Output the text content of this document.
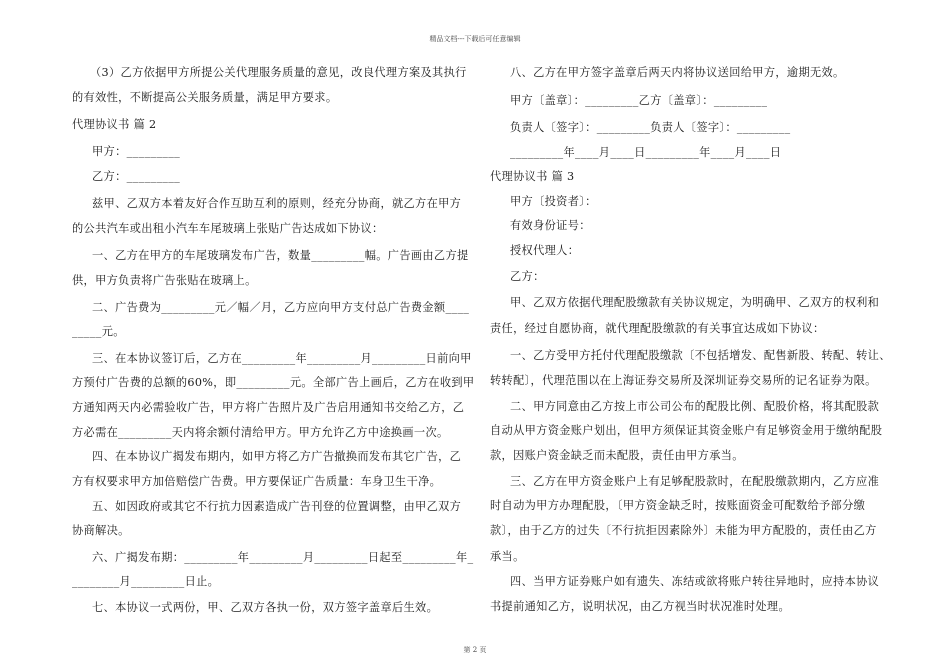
精品文档---下载后可任意编辑
（3）乙方依据甲方所提公关代理服务质量的意见，改良代理方案及其执行
的有效性，不断提高公关服务质量，满足甲方要求。
代理协议书 篇 2
甲方：_________
乙方：_________
兹甲、乙双方本着友好合作互助互利的原则，经充分协商，就乙方在甲方
的公共汽车或出租小汽车车尾玻璃上张贴广告达成如下协议：
一、乙方在甲方的车尾玻璃发布广告，数量_________幅。广告画由乙方提
供，甲方负责将广告张贴在玻璃上。
二、广告费为_________元／幅／月，乙方应向甲方支付总广告费金额____
_____元。
三、在本协议签订后，乙方在_________年_________月_________日前向甲
方预付广告费的总额的60%，即_________元。全部广告上画后，乙方在收到甲
方通知两天内必需验收广告，甲方将广告照片及广告启用通知书交给乙方，乙
方必需在_________天内将余额付清给甲方。甲方允许乙方中途换画一次。
四、在本协议广揭发布期内，如甲方将乙方广告撤换而发布其它广告，乙
方有权要求甲方加倍赔偿广告费。甲方要保证广告质量：车身卫生干净。
五、如因政府或其它不行抗力因素造成广告刊登的位置调整，由甲乙双方
协商解决。
六、广揭发布期：_________年_________月_________日起至_________年_
________月_________日止。
七、本协议一式两份，甲、乙双方各执一份，双方签字盖章后生效。
八、乙方在甲方签字盖章后两天内将协议送回给甲方，逾期无效。
甲方〔盖章〕：_________乙方〔盖章〕：_________
负责人〔签字〕：_________负责人〔签字〕：_________
_________年____月____日_________年____月____日
代理协议书 篇 3
甲方〔投资者〕：
有效身份证号：
授权代理人：
乙方：
甲、乙双方依据代理配股缴款有关协议规定，为明确甲、乙双方的权利和
责任，经过自愿协商，就代理配股缴款的有关事宜达成如下协议：
一、乙方受甲方托付代理配股缴款〔不包括增发、配售新股、转配、转让、
转转配〕，代理范围以在上海证券交易所及深圳证券交易所的记名证券为限。
二、甲方同意由乙方按上市公司公布的配股比例、配股价格，将其配股款
自动从甲方资金账户划出，但甲方须保证其资金账户有足够资金用于缴纳配股
款，因账户资金缺乏而未配股，责任由甲方承当。
三、乙方在甲方资金账户上有足够配股款时，在配股缴款期内，乙方应准
时自动为甲方办理配股，〔甲方资金缺乏时，按账面资金可配数给予部分缴
款〕，由于乙方的过失〔不行抗拒因素除外〕未能为甲方配股的，责任由乙方
承当。
四、当甲方证券账户如有遗失、冻结或欲将账户转往异地时，应持本协议
书提前通知乙方，说明状况，由乙方视当时状况准时处理。
第 2 页
